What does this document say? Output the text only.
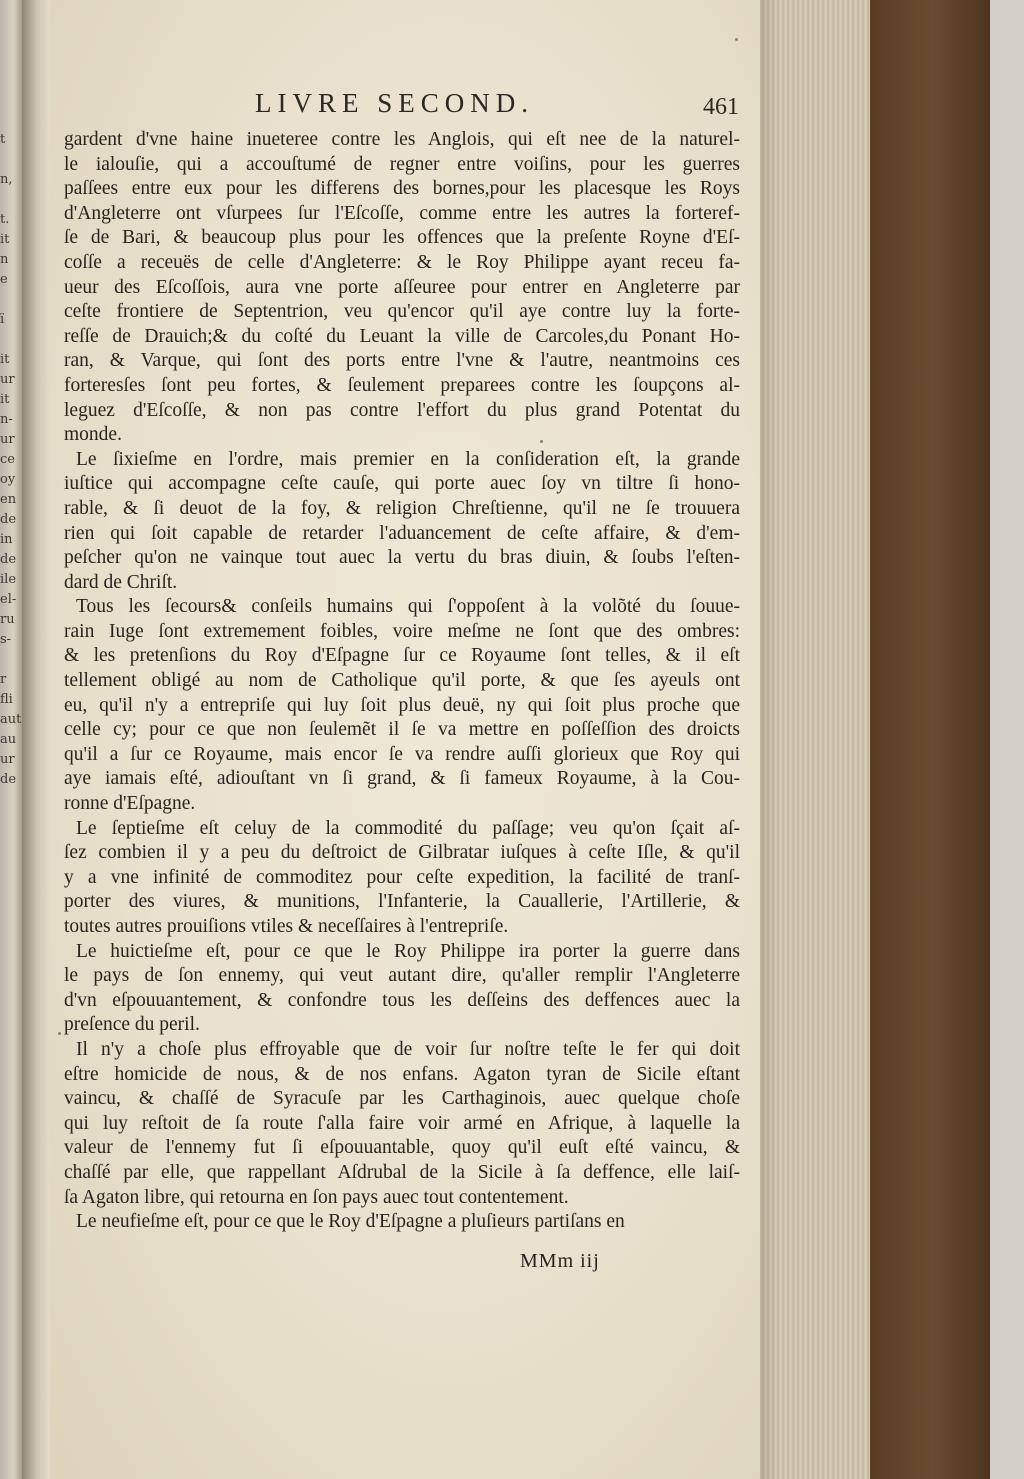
t

n,

t.
it
n
e

ï

it
ur
it
n-
ur
ce
oy
en
de
in
de
ile
el-
ru
s-

r
fli
aut
au
ur
de
LIVRE SECOND.	461
gardent d'vne haine inueteree contre les Anglois, qui eſt nee de la naturel-
le ialouſie, qui a accouſtumé de regner entre voiſins, pour les guerres
paſſees entre eux pour les differens des bornes,pour les placesque les Roys
d'Angleterre ont vſurpees ſur l'Eſcoſſe, comme entre les autres la forteref-
ſe de Bari, & beaucoup plus pour les offences que la preſente Royne d'Eſ-
coſſe a receuës de celle d'Angleterre: & le Roy Philippe ayant receu fa-
ueur des Eſcoſſois, aura vne porte aſſeuree pour entrer en Angleterre par
ceſte frontiere de Septentrion, veu qu'encor qu'il aye contre luy la forte-
reſſe de Drauich;& du coſté du Leuant la ville de Carcoles,du Ponant Ho-
ran, & Varque, qui ſont des ports entre l'vne & l'autre, neantmoins ces
forteresſes ſont peu fortes, & ſeulement preparees contre les ſoupçons al-
leguez d'Eſcoſſe, & non pas contre l'effort du plus grand Potentat du
monde.
Le ſixieſme en l'ordre, mais premier en la conſideration eſt, la grande
iuſtice qui accompagne ceſte cauſe, qui porte auec ſoy vn tiltre ſi hono-
rable, & ſi deuot de la foy, & religion Chreſtienne, qu'il ne ſe trouuera
rien qui ſoit capable de retarder l'aduancement de ceſte affaire, & d'em-
peſcher qu'on ne vainque tout auec la vertu du bras diuin, & ſoubs l'eſten-
dard de Chriſt.
Tous les ſecours& conſeils humains qui ſ'oppoſent à la volõté du ſouue-
rain Iuge ſont extremement foibles, voire meſme ne ſont que des ombres:
& les pretenſions du Roy d'Eſpagne ſur ce Royaume ſont telles, & il eſt
tellement obligé au nom de Catholique qu'il porte, & que ſes ayeuls ont
eu, qu'il n'y a entrepriſe qui luy ſoit plus deuë, ny qui ſoit plus proche que
celle cy; pour ce que non ſeulemẽt il ſe va mettre en poſſeſſion des droicts
qu'il a ſur ce Royaume, mais encor ſe va rendre auſſi glorieux que Roy qui
aye iamais eſté, adiouſtant vn ſi grand, & ſi fameux Royaume, à la Cou-
ronne d'Eſpagne.
Le ſeptieſme eſt celuy de la commodité du paſſage; veu qu'on ſçait aſ-
ſez combien il y a peu du deſtroict de Gilbratar iuſques à ceſte Iſle, & qu'il
y a vne infinité de commoditez pour ceſte expedition, la facilité de tranſ-
porter des viures, & munitions, l'Infanterie, la Cauallerie, l'Artillerie, &
toutes autres prouiſions vtiles & neceſſaires à l'entrepriſe.
Le huictieſme eſt, pour ce que le Roy Philippe ira porter la guerre dans
le pays de ſon ennemy, qui veut autant dire, qu'aller remplir l'Angleterre
d'vn eſpouuantement, & confondre tous les deſſeins des deffences auec la
preſence du peril.
Il n'y a choſe plus effroyable que de voir ſur noſtre teſte le fer qui doit
eſtre homicide de nous, & de nos enfans. Agaton tyran de Sicile eſtant
vaincu, & chaſſé de Syracuſe par les Carthaginois, auec quelque choſe
qui luy reſtoit de ſa route ſ'alla faire voir armé en Afrique, à laquelle la
valeur de l'ennemy fut ſi eſpouuantable, quoy qu'il euſt eſté vaincu, &
chaſſé par elle, que rappellant Aſdrubal de la Sicile à ſa deffence, elle laiſ-
ſa Agaton libre, qui retourna en ſon pays auec tout contentement.
Le neufieſme eſt, pour ce que le Roy d'Eſpagne a pluſieurs partiſans en
MMm iij
